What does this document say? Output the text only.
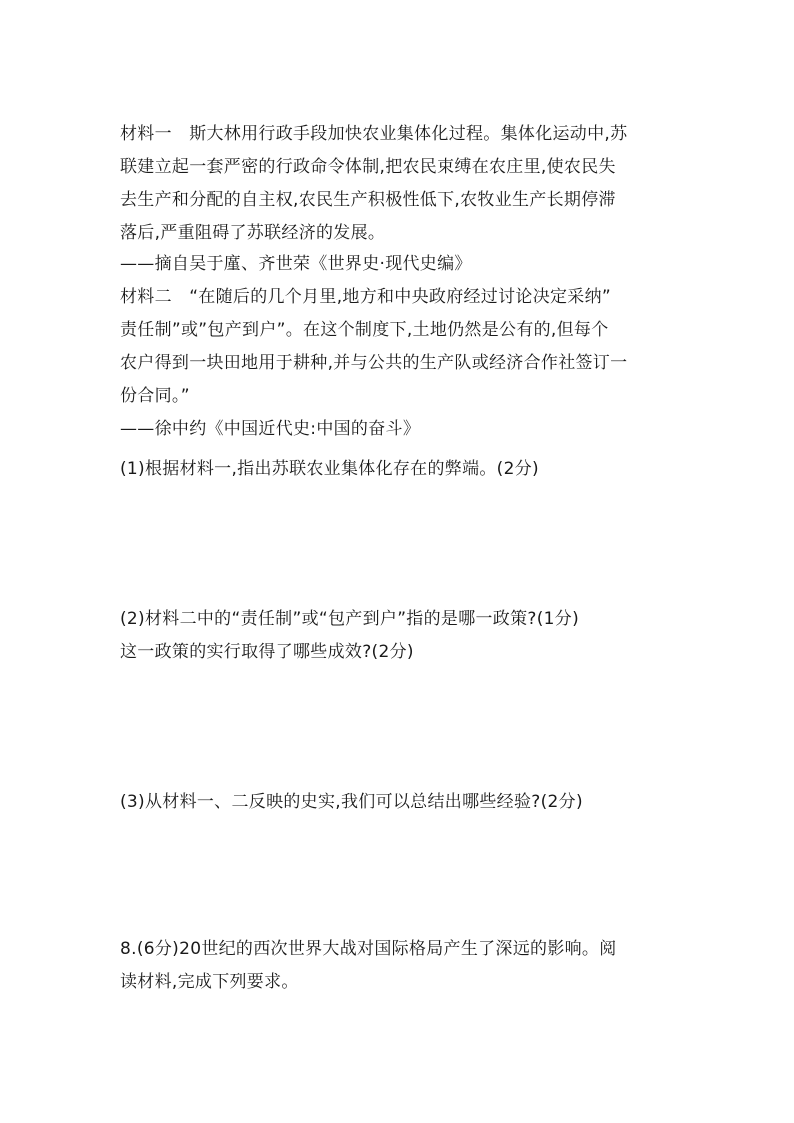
材料一　斯大林用行政手段加快农业集体化过程。集体化运动中,苏
联建立起一套严密的行政命令体制,把农民束缚在农庄里,使农民失
去生产和分配的自主权,农民生产积极性低下,农牧业生产长期停滞
落后,严重阻碍了苏联经济的发展。
——摘自吴于廑、齐世荣《世界史·现代史编》
材料二　“在随后的几个月里,地方和中央政府经过讨论决定采纳”
责任制”或”包产到户”。在这个制度下,土地仍然是公有的,但每个
农户得到一块田地用于耕种,并与公共的生产队或经济合作社签订一
份合同。”
——徐中约《中国近代史:中国的奋斗》
(1)根据材料一,指出苏联农业集体化存在的弊端。(2分)
(2)材料二中的“责任制”或“包产到户”指的是哪一政策?(1分)
这一政策的实行取得了哪些成效?(2分)
(3)从材料一、二反映的史实,我们可以总结出哪些经验?(2分)
8.(6分)20世纪的西次世界大战对国际格局产生了深远的影响。阅
读材料,完成下列要求。
